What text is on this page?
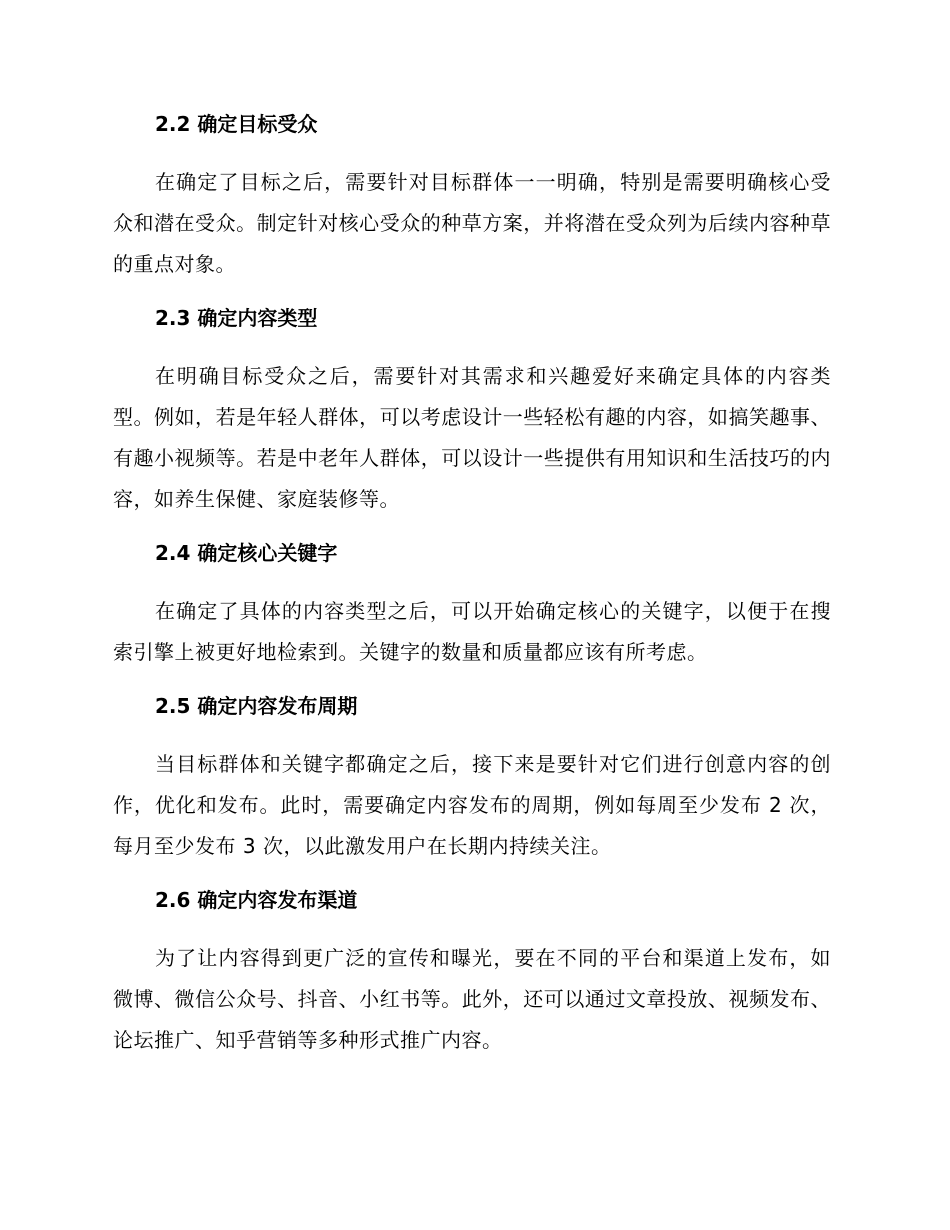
2.2 确定目标受众

在确定了目标之后，需要针对目标群体一一明确，特别是需要明确核心受众和潜在受众。制定针对核心受众的种草方案，并将潜在受众列为后续内容种草的重点对象。

2.3 确定内容类型

在明确目标受众之后，需要针对其需求和兴趣爱好来确定具体的内容类型。例如，若是年轻人群体，可以考虑设计一些轻松有趣的内容，如搞笑趣事、有趣小视频等。若是中老年人群体，可以设计一些提供有用知识和生活技巧的内容，如养生保健、家庭装修等。

2.4 确定核心关键字

在确定了具体的内容类型之后，可以开始确定核心的关键字，以便于在搜索引擎上被更好地检索到。关键字的数量和质量都应该有所考虑。

2.5 确定内容发布周期

当目标群体和关键字都确定之后，接下来是要针对它们进行创意内容的创作，优化和发布。此时，需要确定内容发布的周期，例如每周至少发布 2 次，每月至少发布 3 次，以此激发用户在长期内持续关注。

2.6 确定内容发布渠道

为了让内容得到更广泛的宣传和曝光，要在不同的平台和渠道上发布，如微博、微信公众号、抖音、小红书等。此外，还可以通过文章投放、视频发布、论坛推广、知乎营销等多种形式推广内容。
